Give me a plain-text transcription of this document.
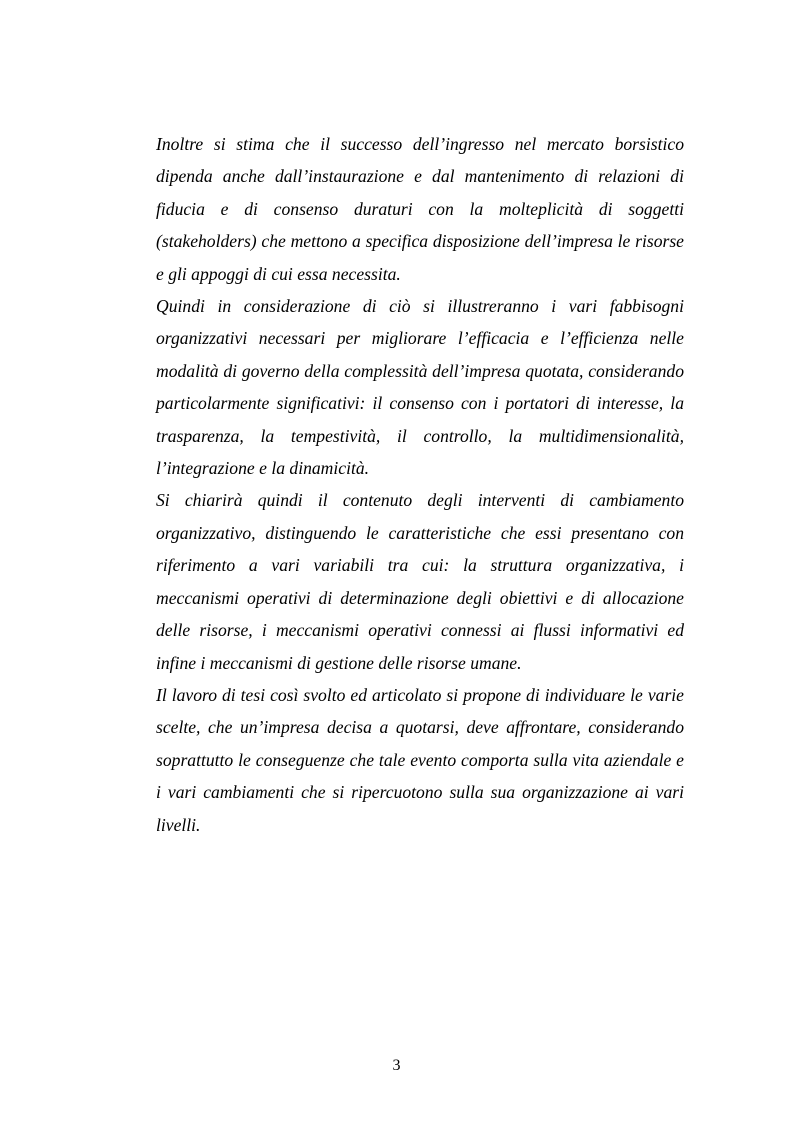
Inoltre si stima che il successo dell’ingresso nel mercato borsistico dipenda anche dall’instaurazione e dal mantenimento di relazioni di fiducia e di consenso duraturi con la molteplicità di soggetti (stakeholders) che mettono a specifica disposizione dell’impresa le risorse e gli appoggi di cui essa necessita.

Quindi in considerazione di ciò si illustreranno i vari fabbisogni organizzativi necessari per migliorare l’efficacia e l’efficienza nelle modalità di governo della complessità dell’impresa quotata, considerando particolarmente significativi: il consenso con i portatori di interesse, la trasparenza, la tempestività, il controllo, la multidimensionalità, l’integrazione e la dinamicità.

Si chiarirà quindi il contenuto degli interventi di cambiamento organizzativo, distinguendo le caratteristiche che essi presentano con riferimento a vari variabili tra cui: la struttura organizzativa, i meccanismi operativi di determinazione degli obiettivi e di allocazione delle risorse, i meccanismi operativi connessi ai flussi informativi ed infine i meccanismi di gestione delle risorse umane.

Il lavoro di tesi così svolto ed articolato si propone di individuare le varie scelte, che un’impresa decisa a quotarsi, deve affrontare, considerando soprattutto le conseguenze che tale evento comporta sulla vita aziendale e i vari cambiamenti che si ripercuotono sulla sua organizzazione ai vari livelli.

3
